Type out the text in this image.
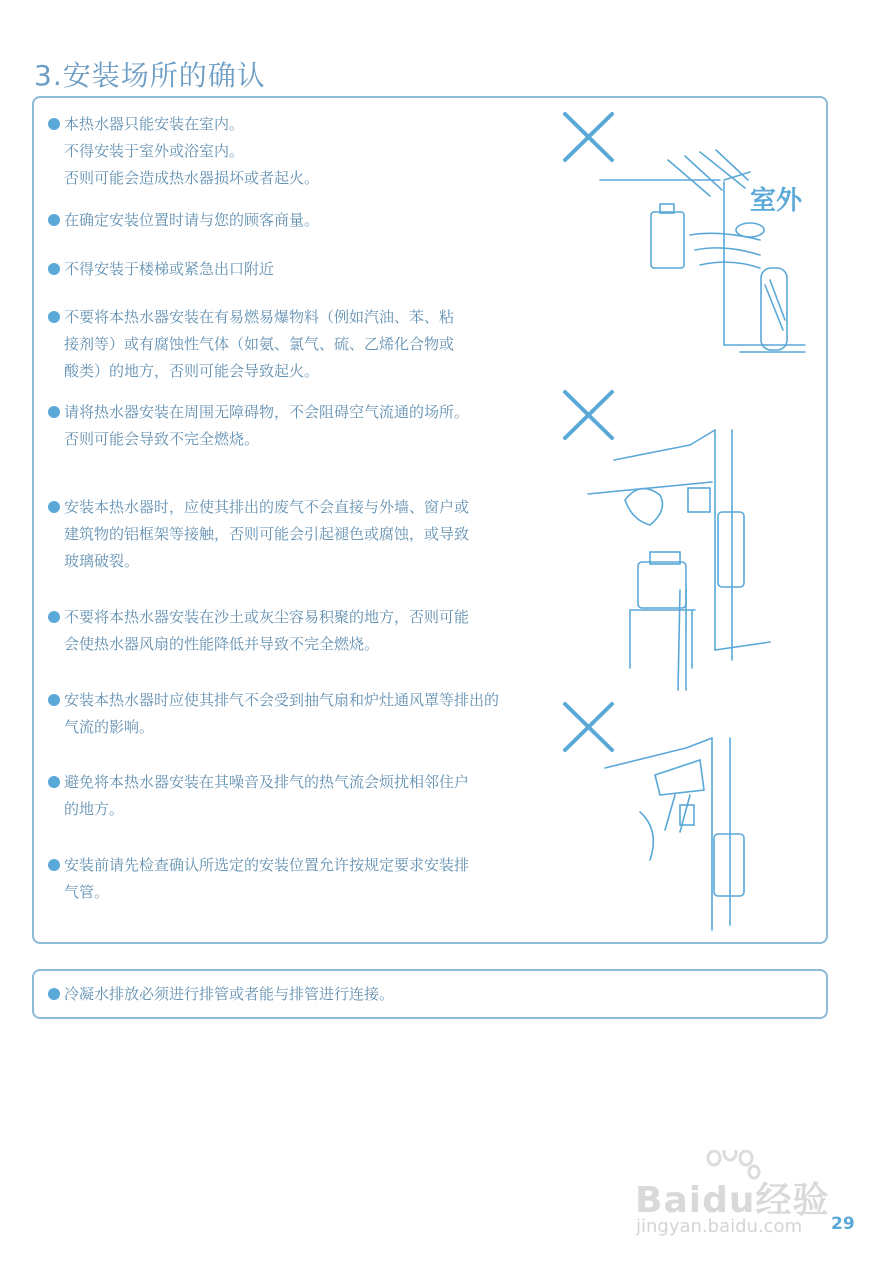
3.安装场所的确认
本热水器只能安装在室内。
不得安装于室外或浴室内。
否则可能会造成热水器损坏或者起火。
在确定安装位置时请与您的顾客商量。
不得安装于楼梯或紧急出口附近
不要将本热水器安装在有易燃易爆物料（例如汽油、苯、粘
接剂等）或有腐蚀性气体（如氨、氯气、硫、乙烯化合物或
酸类）的地方，否则可能会导致起火。
请将热水器安装在周围无障碍物，不会阻碍空气流通的场所。
否则可能会导致不完全燃烧。
安装本热水器时，应使其排出的废气不会直接与外墙、窗户或
建筑物的铝框架等接触，否则可能会引起褪色或腐蚀，或导致
玻璃破裂。
不要将本热水器安装在沙土或灰尘容易积聚的地方，否则可能
会使热水器风扇的性能降低并导致不完全燃烧。
安装本热水器时应使其排气不会受到抽气扇和炉灶通风罩等排出的
气流的影响。
避免将本热水器安装在其噪音及排气的热气流会烦扰相邻住户
的地方。
安装前请先检查确认所选定的安装位置允许按规定要求安装排
气管。
室外
冷凝水排放必须进行排管或者能与排管进行连接。
Baidu经验
jingyan.baidu.com 29
